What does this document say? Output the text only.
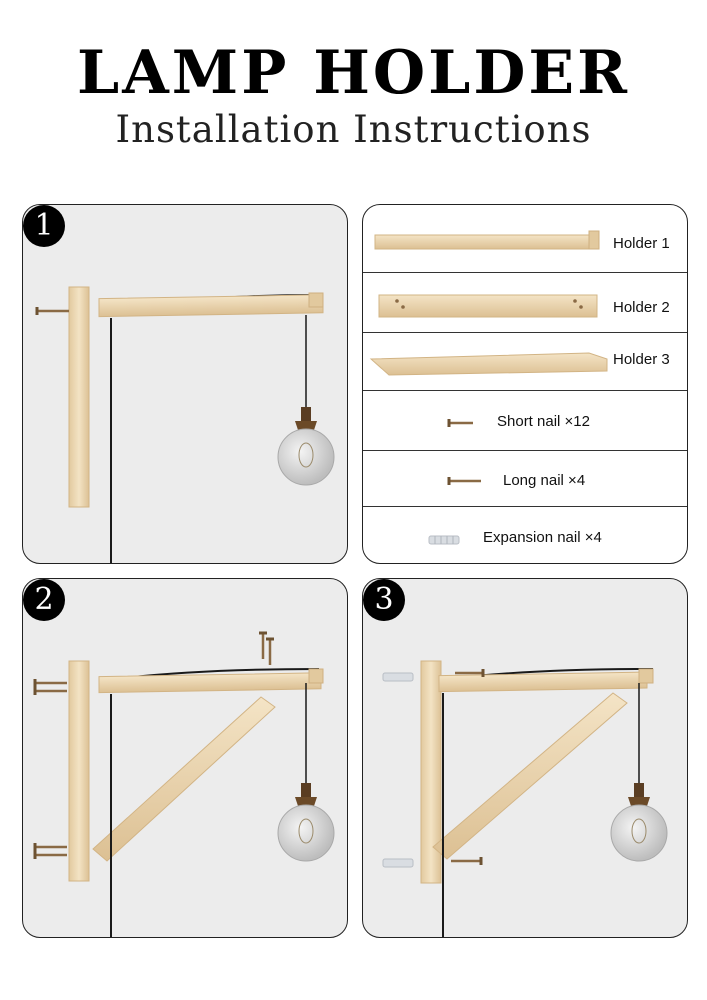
LAMP HOLDER
Installation Instructions
1
Holder 1
Holder 2
Holder 3
Short nail ×12
Long nail ×4
Expansion nail ×4
2	3
